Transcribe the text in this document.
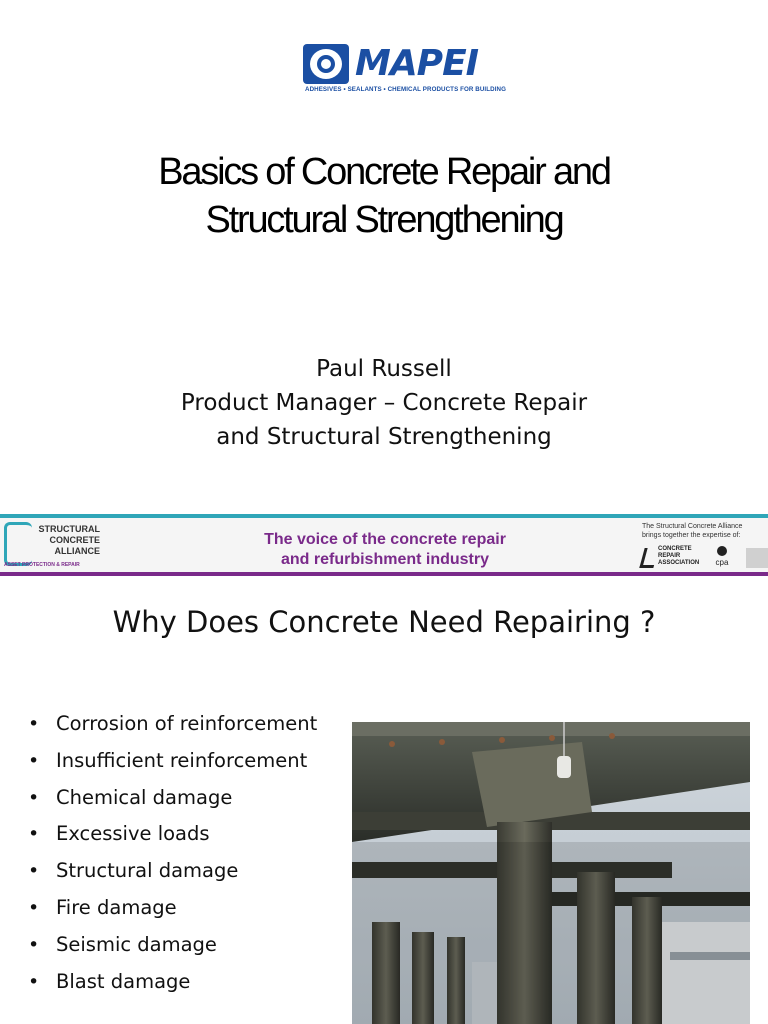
MAPEI
ADHESIVES • SEALANTS • CHEMICAL PRODUCTS FOR BUILDING
Basics of Concrete Repair and
Structural Strengthening
Paul Russell
Product Manager – Concrete Repair
and Structural Strengthening
STRUCTURAL
CONCRETE
ALLIANCE
ASSET PROTECTION & REPAIR
The voice of the concrete repair
and refurbishment industry
The Structural Concrete Alliance
brings together the expertise of:
CONCRETE
REPAIR
ASSOCIATION	cpa
Why Does Concrete Need Repairing ?
• Corrosion of reinforcement
• Insufficient reinforcement
• Chemical damage
• Excessive loads
• Structural damage
• Fire damage
• Seismic damage
• Blast damage
